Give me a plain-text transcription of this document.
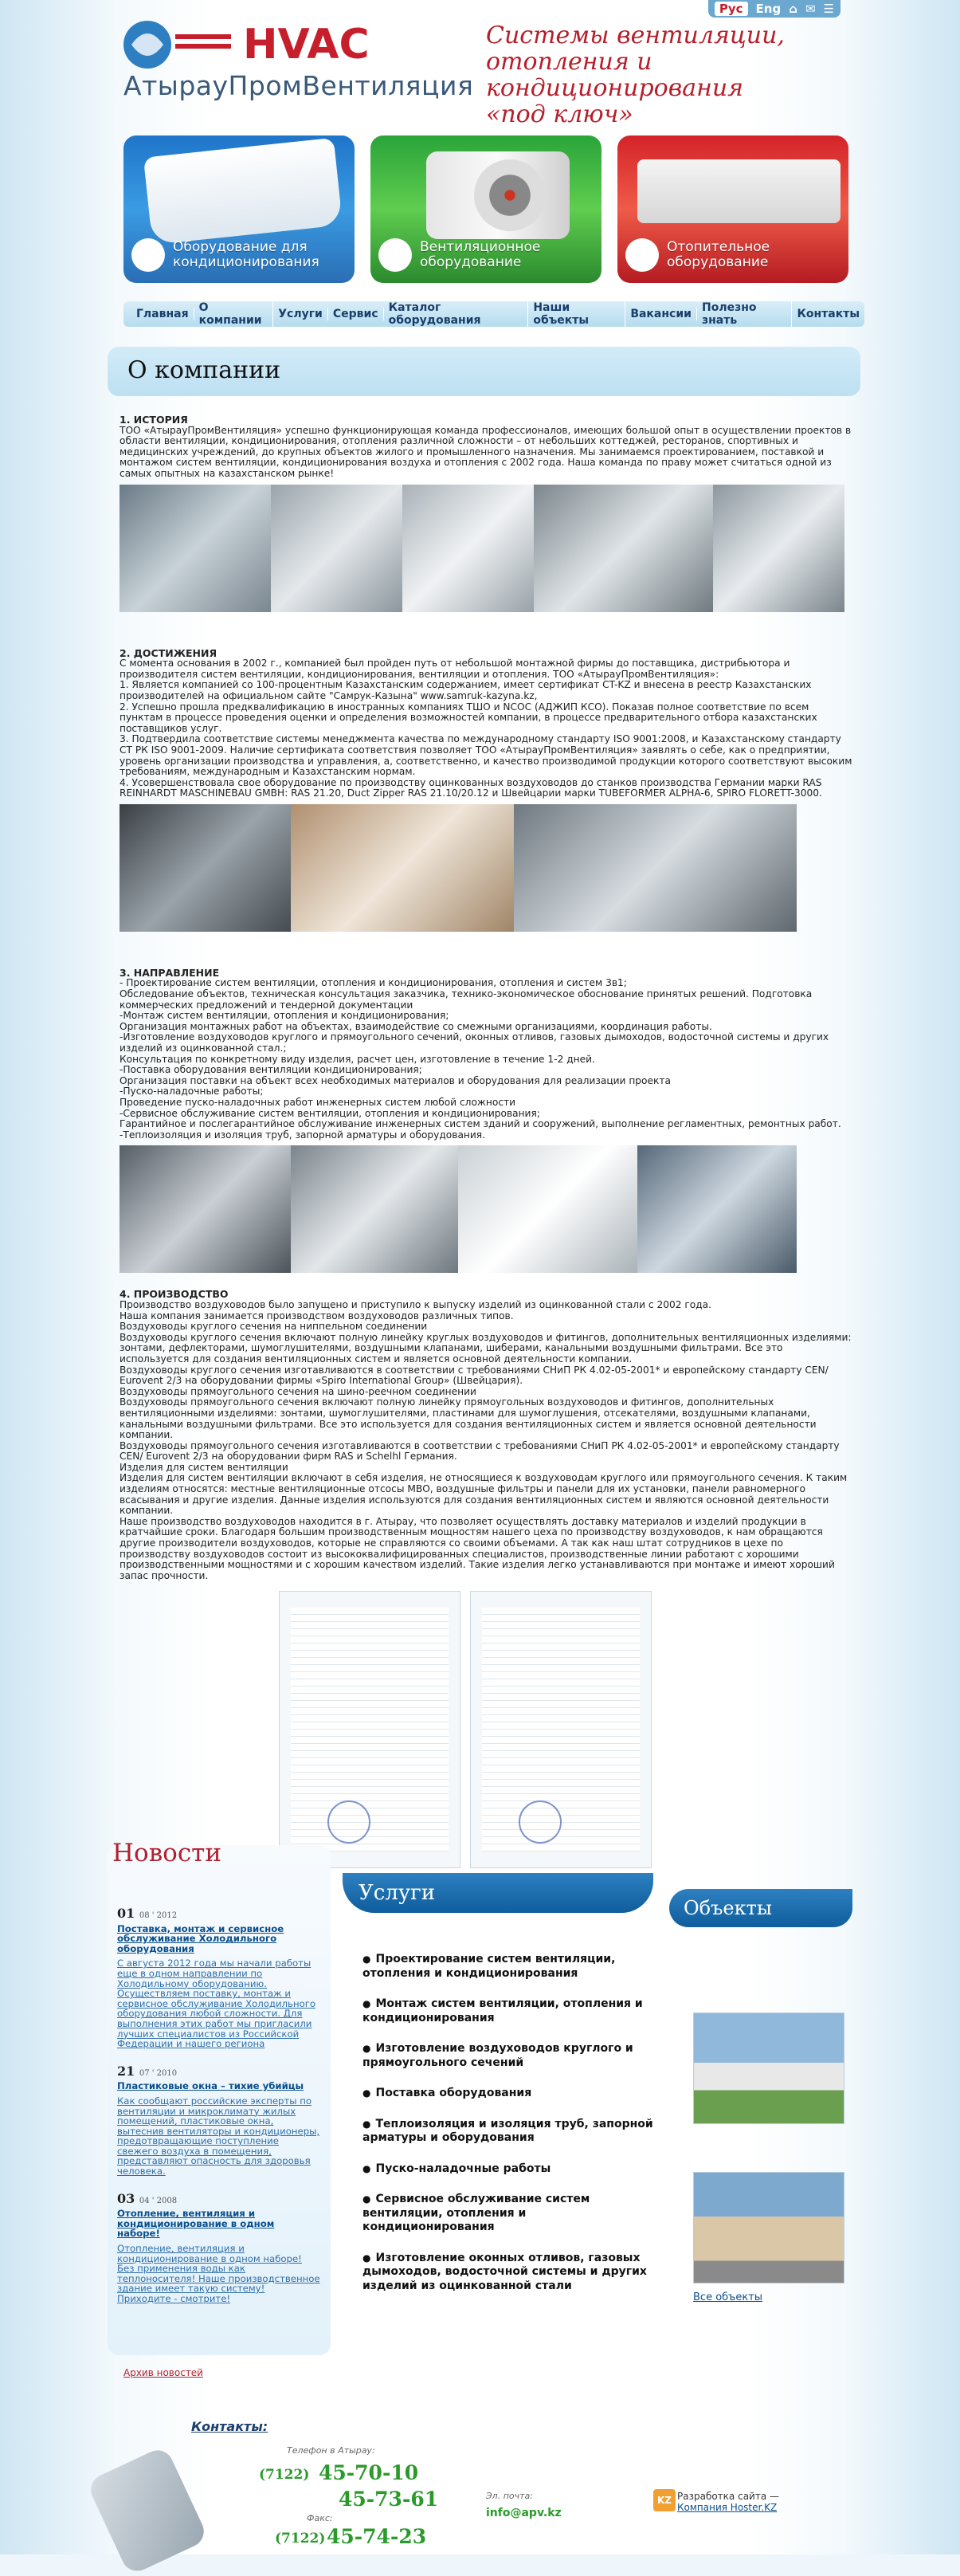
HVAC
АтырауПромВентиляция
Системы вентиляции,
отопления и кондиционирования
«под ключ»
Рус	Eng ⌂ ✉ ☰
Оборудование для
кондиционирования
Вентиляционное
оборудование
Отопительное
оборудование
Главная О компании	Услуги Сервис Каталог оборудования
Наши объекты	Вакансии Полезно знать	Контакты
О компании
1. ИСТОРИЯ

ТОО «АтырауПромВентиляция» успешно функционирующая команда профессионалов, имеющих большой опыт в осуществлении проектов в области вентиляции, кондиционирования, отопления различной сложности – от небольших коттеджей, ресторанов, спортивных и медицинских учреждений, до крупных объектов жилого и промышленного назначения. Мы занимаемся проектированием, поставкой и монтажом систем вентиляции, кондиционирования воздуха и отопления с 2002 года. Наша команда по праву может считаться одной из самых опытных на казахстанском рынке!

2. ДОСТИЖЕНИЯ

С момента основания в 2002 г., компанией был пройден путь от небольшой монтажной фирмы до поставщика, дистрибьютора и производителя систем вентиляции, кондиционирования, вентиляции и отопления. ТОО «АтырауПромВентиляция»:

1. Является компанией со 100-процентным Казахстанским содержанием, имеет сертификат CT-KZ и внесена в реестр Казахстанских производителей на официальном сайте "Самрук-Казына" www.samruk-kazyna.kz,

2. Успешно прошла предквалификацию в иностранных компаниях ТШО и NCOC (АДЖИП КСО). Показав полное соответствие по всем пунктам в процессе проведения оценки и определения возможностей компании, в процессе предварительного отбора казахстанских поставщиков услуг.

3. Подтвердила соответствие системы менеджмента качества по международному стандарту ISO 9001:2008, и Казахстанскому стандарту СТ РК ISO 9001-2009. Наличие сертификата соответствия позволяет ТОО «АтырауПромВентиляция» заявлять о себе, как о предприятии, уровень организации производства и управления, а, соответственно, и качество производимой продукции которого соответствуют высоким требованиям, международным и Казахстанским нормам.

4. Усовершенствовала свое оборудование по производству оцинкованных воздуховодов до станков производства Германии марки RAS REINHARDT MASCHINEBAU GMBH: RAS 21.20, Duct Zipper RAS 21.10/20.12 и Швейцарии марки TUBEFORMER ALPHA-6, SPIRO FLORETT-3000.

3. НАПРАВЛЕНИЕ

- Проектирование систем вентиляции, отопления и кондиционирования, отопления и систем 3в1;

Обследование объектов, техническая консультация заказчика, технико-экономическое обоснование принятых решений. Подготовка коммерческих предложений и тендерной документации

-Монтаж систем вентиляции, отопления и кондиционирования;

Организация монтажных работ на объектах, взаимодействие со смежными организациями, координация работы.

-Изготовление воздуховодов круглого и прямоугольного сечений, оконных отливов, газовых дымоходов, водосточной системы и других изделий из оцинкованной стал.;

Консультация по конкретному виду изделия, расчет цен, изготовление в течение 1-2 дней.

-Поставка оборудования вентиляции кондиционирования;

Организация поставки на объект всех необходимых материалов и оборудования для реализации проекта

-Пуско-наладочные работы;

Проведение пуско-наладочных работ инженерных систем любой сложности

-Сервисное обслуживание систем вентиляции, отопления и кондиционирования;

Гарантийное и послегарантийное обслуживание инженерных систем зданий и сооружений, выполнение регламентных, ремонтных работ.

-Теплоизоляция и изоляция труб, запорной арматуры и оборудования.

4. ПРОИЗВОДСТВО

Производство воздуховодов было запущено и приступило к выпуску изделий из оцинкованной стали с 2002 года.

Наша компания занимается производством воздуховодов различных типов.

Воздуховоды круглого сечения на ниппельном соединении

Воздуховоды круглого сечения включают полную линейку круглых воздуховодов и фитингов, дополнительных вентиляционных изделиями: зонтами, дефлекторами, шумоглушителями, воздушными клапанами, шиберами, канальными воздушными фильтрами. Все это используется для создания вентиляционных систем и является основной деятельности компании.

Воздуховоды круглого сечения изготавливаются в соответствии с требованиями СНиП РК 4.02-05-2001* и европейскому стандарту CEN/ Eurovent 2/3 на оборудовании фирмы «Spiro International Group» (Швейцария).

Воздуховоды прямоугольного сечения на шино-реечном соединении

Воздуховоды прямоугольного сечения включают полную линейку прямоугольных воздуховодов и фитингов, дополнительных вентиляционными изделиями: зонтами, шумоглушителями, пластинами для шумоглушения, отсекателями, воздушными клапанами, канальными воздушными фильтрами. Все это используется для создания вентиляционных систем и является основной деятельности компании.

Воздуховоды прямоугольного сечения изготавливаются в соответствии с требованиями СНиП РК 4.02-05-2001* и европейскому стандарту CEN/ Eurovent 2/3 на оборудовании фирм RAS и Schelhl Германия.

Изделия для систем вентиляции

Изделия для систем вентиляции включают в себя изделия, не относящиеся к воздуховодам круглого или прямоугольного сечения. К таким изделиям относятся: местные вентиляционные отсосы МВО, воздушные фильтры и панели для их установки, панели равномерного всасывания и другие изделия. Данные изделия используются для создания вентиляционных систем и являются основной деятельности компании.

Наше производство воздуховодов находится в г. Атырау, что позволяет осуществлять доставку материалов и изделий продукции в кратчайшие сроки. Благодаря большим производственным мощностям нашего цеха по производству воздуховодов, к нам обращаются другие производители воздуховодов, которые не справляются со своими объемами. А так как наш штат сотрудников в цехе по производству воздуховодов состоит из высококвалифицированных специалистов, производственные линии работают с хорошими производственными мощностями и с хорошим качеством изделий. Такие изделия легко устанавливаются при монтаже и имеют хороший запас прочности.

Новости
01 08 ' 2012
Поставка, монтаж и сервисное обслуживание Холодильного оборудования
С августа 2012 года мы начали работы еще в одном направлении по Холодильному оборудованию. Осуществляем поставку, монтаж и сервисное обслуживание Холодильного оборудования любой сложности. Для выполнения этих работ мы пригласили лучших специалистов из Российской Федерации и нашего региона
21 07 ' 2010
Пластиковые окна – тихие убийцы
Как сообщают российские эксперты по вентиляции и микроклимату жилых помещений, пластиковые окна, вытеснив вентиляторы и кондиционеры, предотвращающие поступление свежего воздуха в помещения, представляют опасность для здоровья человека.
03 04 ' 2008
Отопление, вентиляция и кондиционирование в одном наборе!
Отопление, вентиляция и кондиционирование в одном наборе! Без применения воды как теплоносителя! Наше производственное здание имеет такую систему! Приходите - смотрите!
Архив новостей
Услуги
● Проектирование систем вентиляции, отопления и кондиционирования
● Монтаж систем вентиляции, отопления и кондиционирования
● Изготовление воздуховодов круглого и прямоугольного сечений
● Поставка оборудования
● Теплоизоляция и изоляция труб, запорной арматуры и оборудования
● Пуско-наладочные работы
● Сервисное обслуживание систем вентиляции, отопления и кондиционирования
● Изготовление оконных отливов, газовых дымоходов, водосточной системы и других изделий из оцинкованной стали
Объекты
Все объекты
Контакты:
Телефон в Атырау:
(7122) 45-70-10
45-73-61
Факс:
(7122) 45-74-23
Эл. почта:
info@apv.kz
KZ Разработка сайта —
Компания Hoster.KZ
